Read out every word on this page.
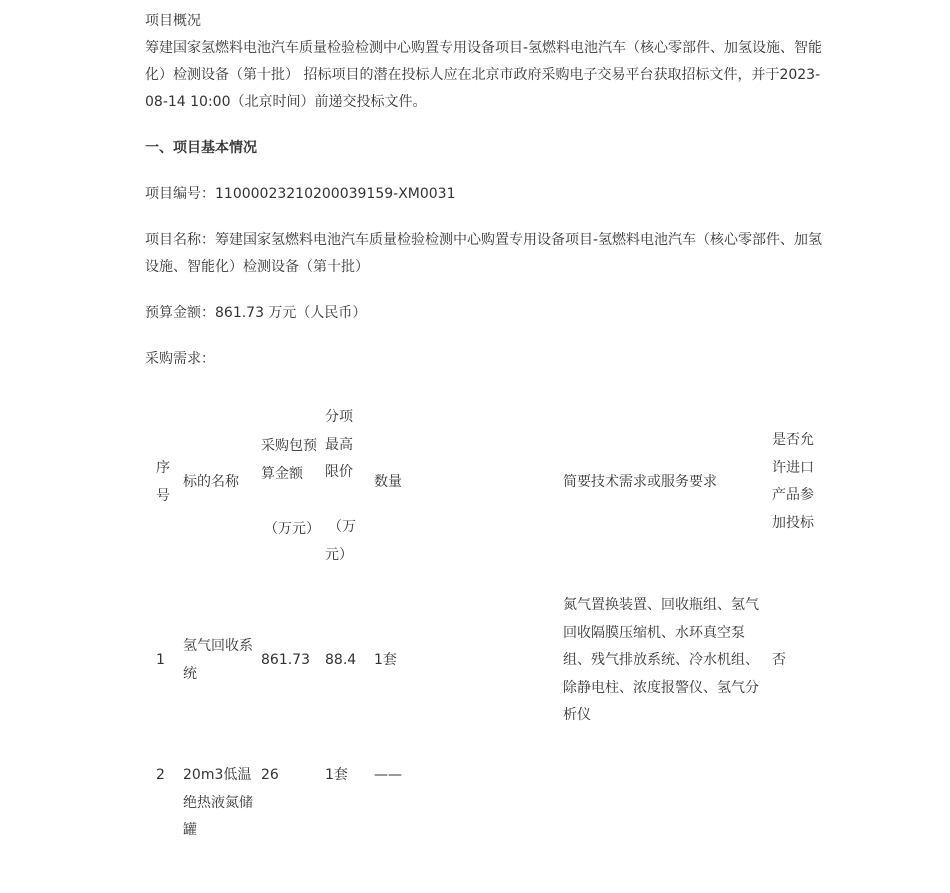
项目概况

筹建国家氢燃料电池汽车质量检验检测中心购置专用设备项目-氢燃料电池汽车（核心零部件、加氢设施、智能化）检测设备（第十批） 招标项目的潜在投标人应在北京市政府采购电子交易平台获取招标文件，并于2023-08-14 10:00（北京时间）前递交投标文件。

一、项目基本情况

项目编号：11000023210200039159-XM0031

项目名称：筹建国家氢燃料电池汽车质量检验检测中心购置专用设备项目-氢燃料电池汽车（核心零部件、加氢设施、智能化）检测设备（第十批）

预算金额：861.73 万元（人民币）

采购需求：

序
号
标的名称
采购包预
算金额
（万元）
分项
最高
限价
（万
元）
数量	简要技术需求或服务要求
是否允
许进口
产品参
加投标
1
氢气回收系
统
861.73 88.4 1套
氮气置换装置、回收瓶组、氢气
回收隔膜压缩机、水环真空泵
组、残气排放系统、冷水机组、
除静电柱、浓度报警仪、氢气分
析仪
否
2 20m3低温
绝热液氮储
罐
26	1套 ——
